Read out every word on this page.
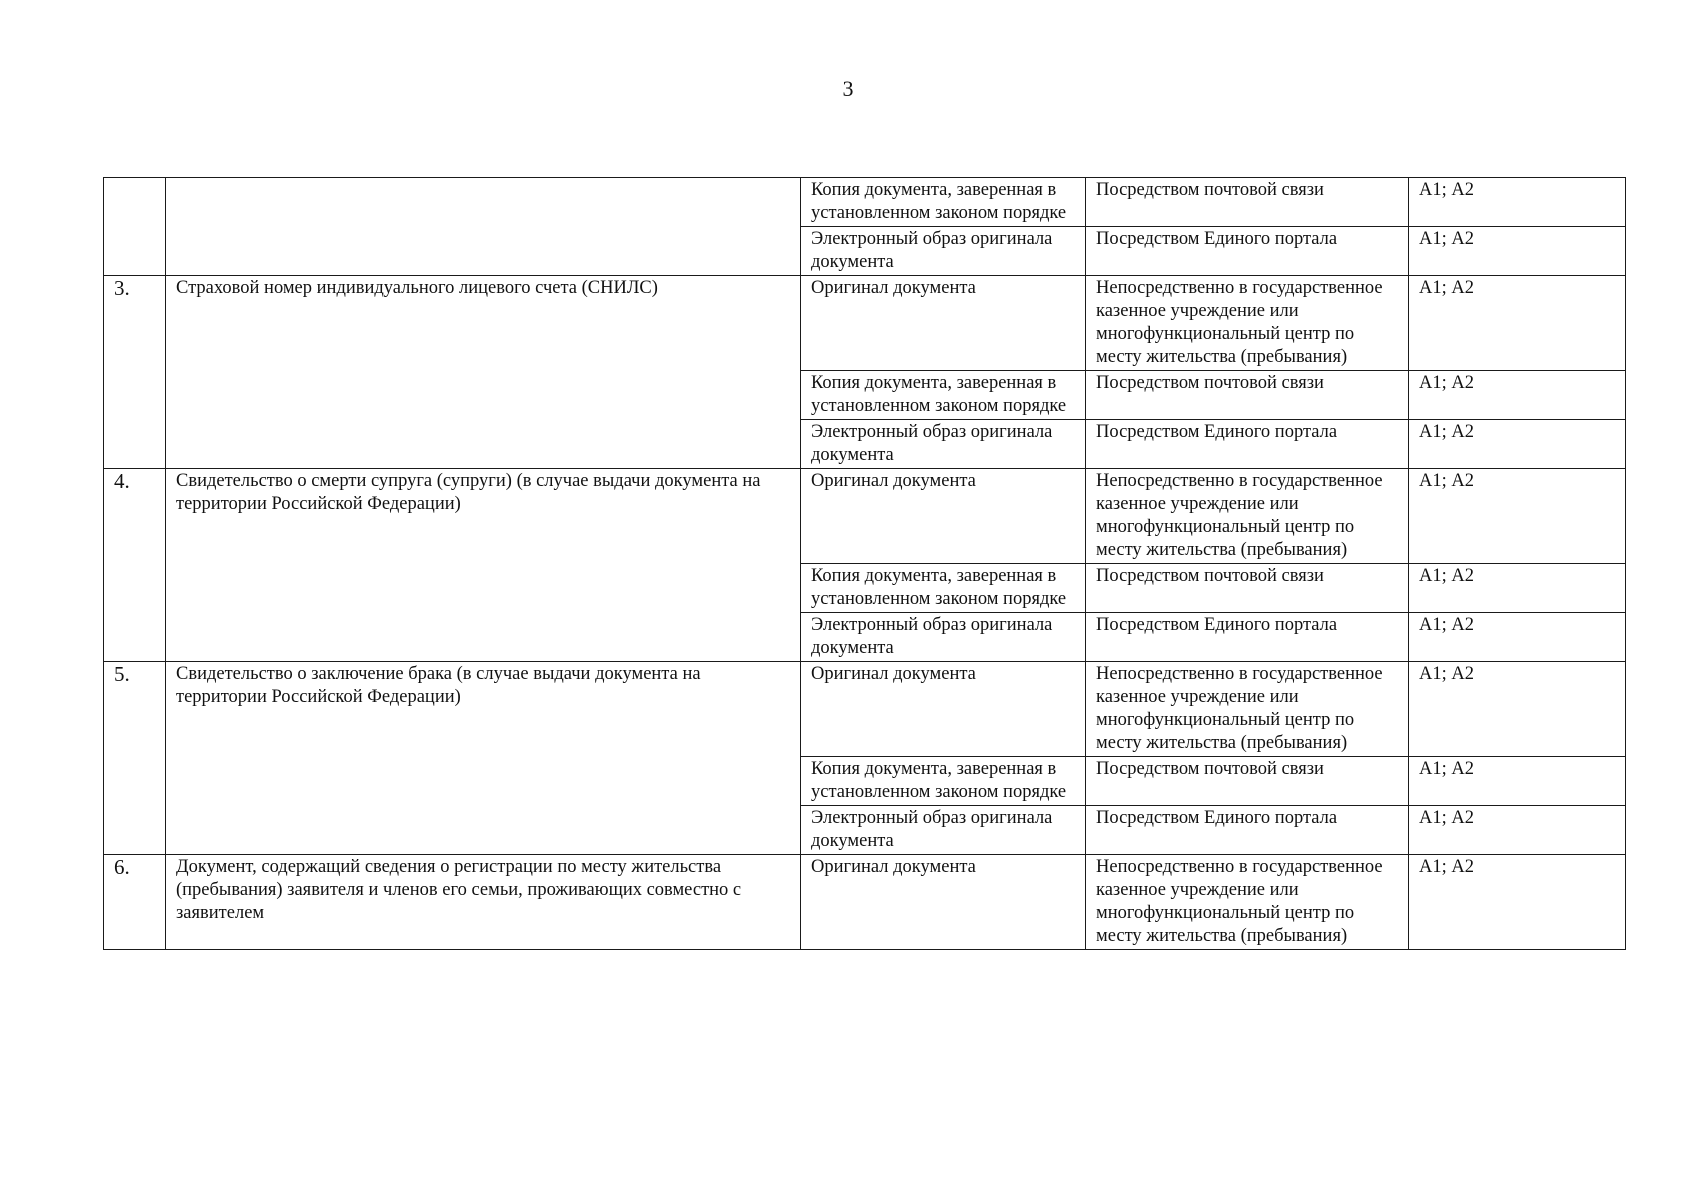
3
		Копия документа, заверенная в установленном законом порядке	Посредством почтовой связи	А1; А2
		Электронный образ оригинала документа	Посредством Единого портала	А1; А2
3.	Страховой номер индивидуального лицевого счета (СНИЛС)	Оригинал документа	Непосредственно в государственное казенное учреждение или многофункциональный центр по месту жительства (пребывания)	А1; А2
		Копия документа, заверенная в установленном законом порядке	Посредством почтовой связи	А1; А2
		Электронный образ оригинала документа	Посредством Единого портала	А1; А2
4.	Свидетельство о смерти супруга (супруги) (в случае выдачи документа на территории Российской Федерации)	Оригинал документа	Непосредственно в государственное казенное учреждение или многофункциональный центр по месту жительства (пребывания)	А1; А2
		Копия документа, заверенная в установленном законом порядке	Посредством почтовой связи	А1; А2
		Электронный образ оригинала документа	Посредством Единого портала	А1; А2
5.	Свидетельство о заключение брака (в случае выдачи документа на территории Российской Федерации)	Оригинал документа	Непосредственно в государственное казенное учреждение или многофункциональный центр по месту жительства (пребывания)	А1; А2
		Копия документа, заверенная в установленном законом порядке	Посредством почтовой связи	А1; А2
		Электронный образ оригинала документа	Посредством Единого портала	А1; А2
6.	Документ, содержащий сведения о регистрации по месту жительства (пребывания) заявителя и членов его семьи, проживающих совместно с заявителем	Оригинал документа	Непосредственно в государственное казенное учреждение или многофункциональный центр по месту жительства (пребывания)	А1; А2
